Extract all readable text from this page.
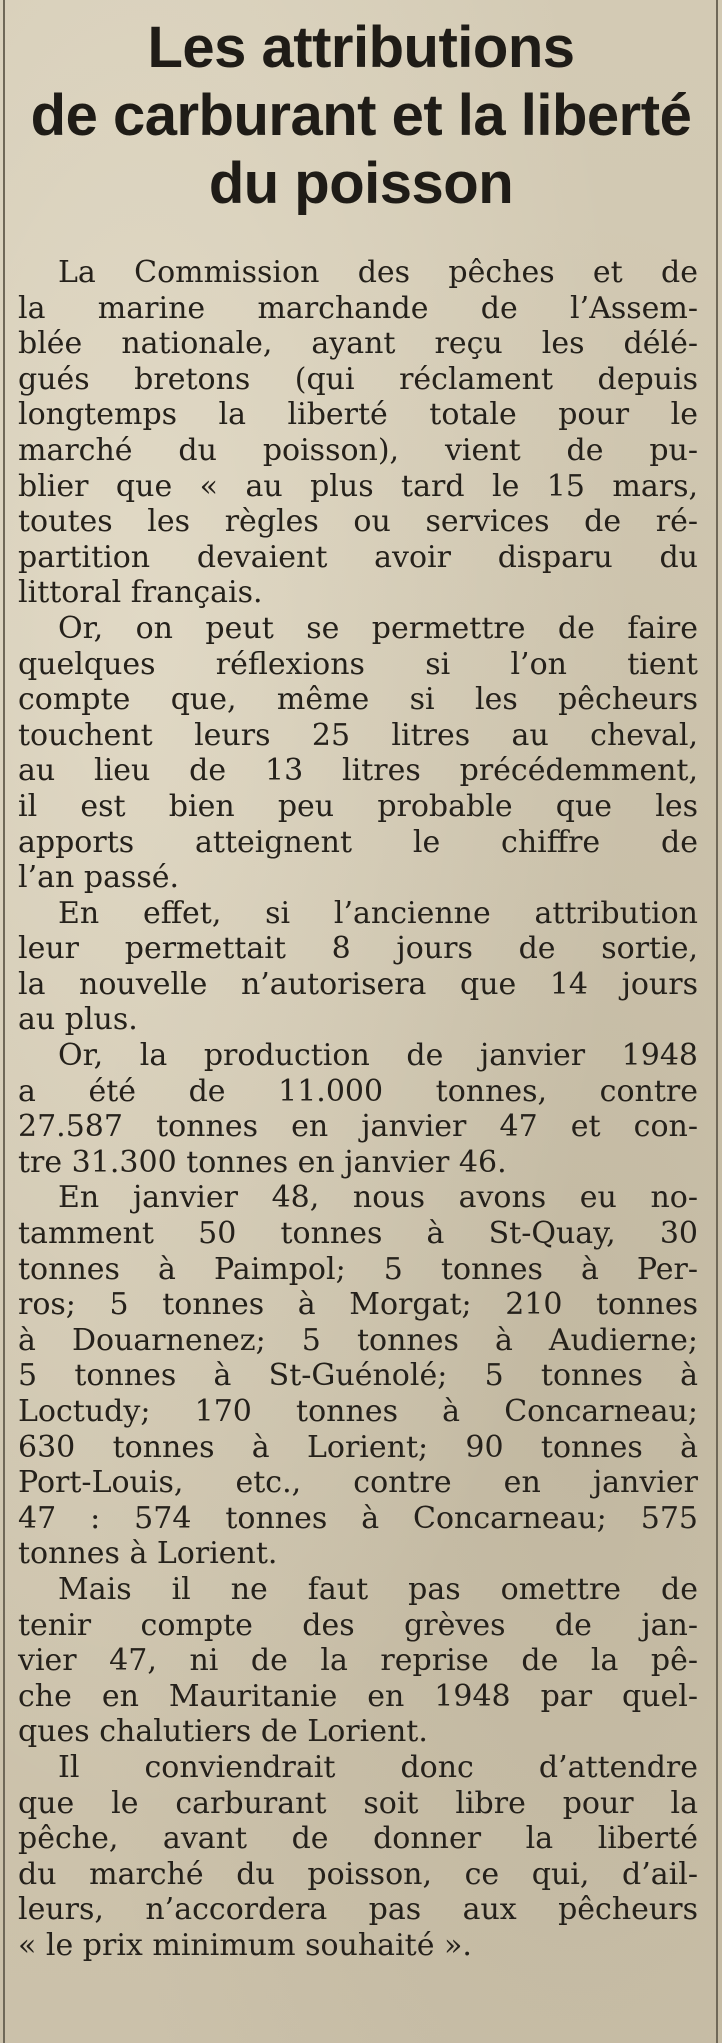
Les attributions
de carburant et la liberté
du poisson
La Commission des pêches et de
la marine marchande de l’Assem-
blée nationale, ayant reçu les délé-
gués bretons (qui réclament depuis
longtemps la liberté totale pour le
marché du poisson), vient de pu-
blier que « au plus tard le 15 mars,
toutes les règles ou services de ré-
partition devaient avoir disparu du
littoral français.
Or, on peut se permettre de faire
quelques réflexions si l’on tient
compte que, même si les pêcheurs
touchent leurs 25 litres au cheval,
au lieu de 13 litres précédemment,
il est bien peu probable que les
apports atteignent le chiffre de
l’an passé.
En effet, si l’ancienne attribution
leur permettait 8 jours de sortie,
la nouvelle n’autorisera que 14 jours
au plus.
Or, la production de janvier 1948
a été de 11.000 tonnes, contre
27.587 tonnes en janvier 47 et con-
tre 31.300 tonnes en janvier 46.
En janvier 48, nous avons eu no-
tamment 50 tonnes à St-Quay, 30
tonnes à Paimpol; 5 tonnes à Per-
ros; 5 tonnes à Morgat; 210 tonnes
à Douarnenez; 5 tonnes à Audierne;
5 tonnes à St-Guénolé; 5 tonnes à
Loctudy; 170 tonnes à Concarneau;
630 tonnes à Lorient; 90 tonnes à
Port-Louis, etc., contre en janvier
47 : 574 tonnes à Concarneau; 575
tonnes à Lorient.
Mais il ne faut pas omettre de
tenir compte des grèves de jan-
vier 47, ni de la reprise de la pê-
che en Mauritanie en 1948 par quel-
ques chalutiers de Lorient.
Il conviendrait donc d’attendre
que le carburant soit libre pour la
pêche, avant de donner la liberté
du marché du poisson, ce qui, d’ail-
leurs, n’accordera pas aux pêcheurs
« le prix minimum souhaité ».
